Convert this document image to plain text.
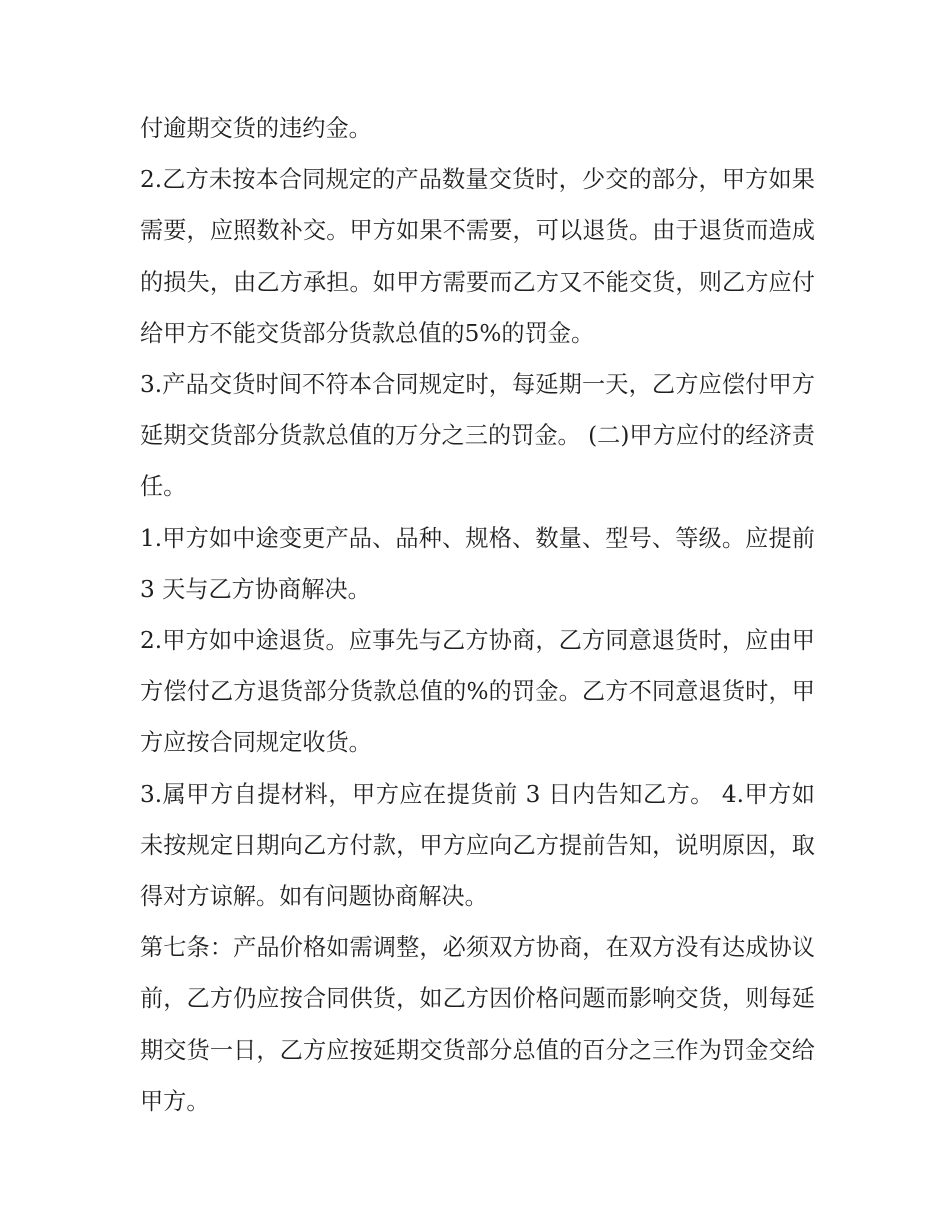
付逾期交货的违约金。

2.乙方未按本合同规定的产品数量交货时，少交的部分，甲方如果需要，应照数补交。甲方如果不需要，可以退货。由于退货而造成的损失，由乙方承担。如甲方需要而乙方又不能交货，则乙方应付给甲方不能交货部分货款总值的5%的罚金。

3.产品交货时间不符本合同规定时，每延期一天，乙方应偿付甲方延期交货部分货款总值的万分之三的罚金。 (二)甲方应付的经济责任。

1.甲方如中途变更产品、品种、规格、数量、型号、等级。应提前 3 天与乙方协商解决。

2.甲方如中途退货。应事先与乙方协商，乙方同意退货时，应由甲方偿付乙方退货部分货款总值的%的罚金。乙方不同意退货时，甲方应按合同规定收货。

3.属甲方自提材料，甲方应在提货前 3 日内告知乙方。 4.甲方如未按规定日期向乙方付款，甲方应向乙方提前告知，说明原因，取得对方谅解。如有问题协商解决。

第七条：产品价格如需调整，必须双方协商，在双方没有达成协议前，乙方仍应按合同供货，如乙方因价格问题而影响交货，则每延期交货一日，乙方应按延期交货部分总值的百分之三作为罚金交给甲方。
